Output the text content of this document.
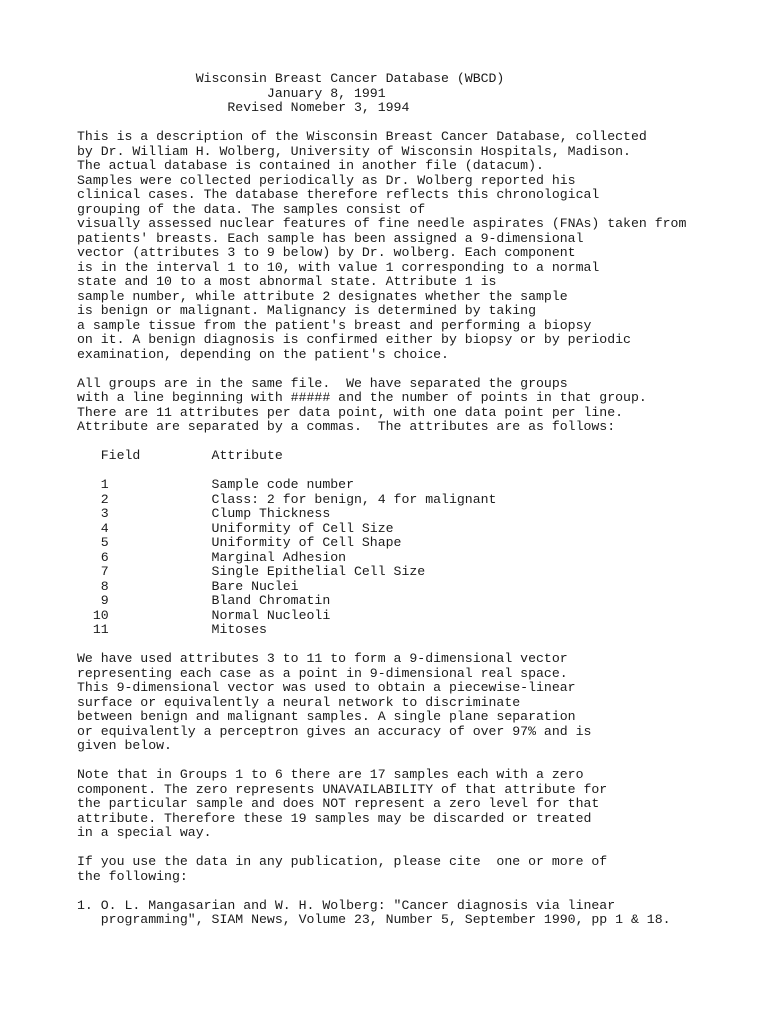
Wisconsin Breast Cancer Database (WBCD)
January 8, 1991
Revised Nomeber 3, 1994
This is a description of the Wisconsin Breast Cancer Database, collected
by Dr. William H. Wolberg, University of Wisconsin Hospitals, Madison.
The actual database is contained in another file (datacum).
Samples were collected periodically as Dr. Wolberg reported his
clinical cases. The database therefore reflects this chronological
grouping of the data. The samples consist of
visually assessed nuclear features of fine needle aspirates (FNAs) taken from
patients' breasts. Each sample has been assigned a 9-dimensional
vector (attributes 3 to 9 below) by Dr. wolberg. Each component
is in the interval 1 to 10, with value 1 corresponding to a normal
state and 10 to a most abnormal state. Attribute 1 is
sample number, while attribute 2 designates whether the sample
is benign or malignant. Malignancy is determined by taking
a sample tissue from the patient's breast and performing a biopsy
on it. A benign diagnosis is confirmed either by biopsy or by periodic
examination, depending on the patient's choice.
All groups are in the same file.  We have separated the groups
with a line beginning with ##### and the number of points in that group.
There are 11 attributes per data point, with one data point per line.
Attribute are separated by a commas.  The attributes are as follows:
Field         Attribute
1             Sample code number
2             Class: 2 for benign, 4 for malignant
3             Clump Thickness
4             Uniformity of Cell Size
5             Uniformity of Cell Shape
6             Marginal Adhesion
7             Single Epithelial Cell Size
8             Bare Nuclei
9             Bland Chromatin
10             Normal Nucleoli
11             Mitoses
We have used attributes 3 to 11 to form a 9-dimensional vector
representing each case as a point in 9-dimensional real space.
This 9-dimensional vector was used to obtain a piecewise-linear
surface or equivalently a neural network to discriminate
between benign and malignant samples. A single plane separation
or equivalently a perceptron gives an accuracy of over 97% and is
given below.
Note that in Groups 1 to 6 there are 17 samples each with a zero
component. The zero represents UNAVAILABILITY of that attribute for
the particular sample and does NOT represent a zero level for that
attribute. Therefore these 19 samples may be discarded or treated
in a special way.
If you use the data in any publication, please cite  one or more of
the following:
1. O. L. Mangasarian and W. H. Wolberg: "Cancer diagnosis via linear
programming", SIAM News, Volume 23, Number 5, September 1990, pp 1 & 18.
